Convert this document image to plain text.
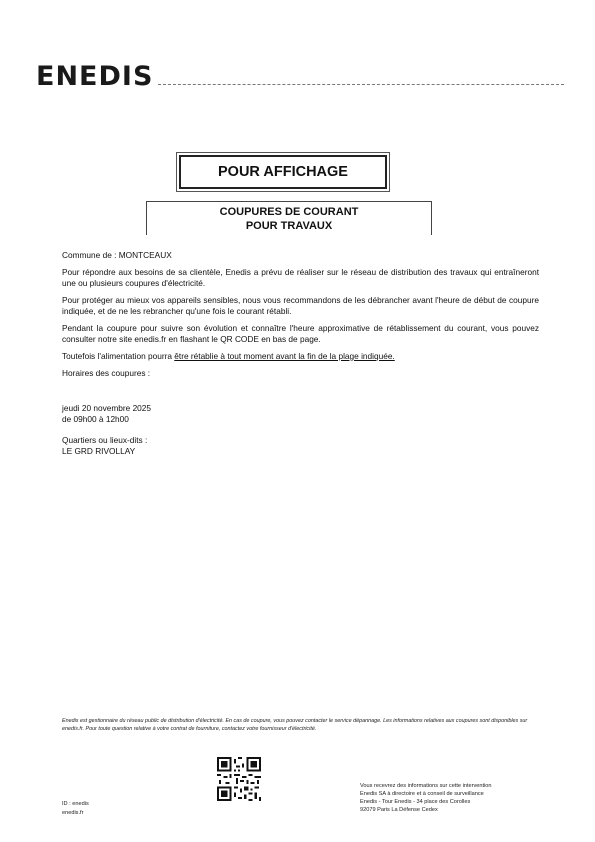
ENEDIS
POUR AFFICHAGE
COUPURES DE COURANT
POUR TRAVAUX

Commune de : MONTCEAUX

Pour répondre aux besoins de sa clientèle, Enedis a prévu de réaliser sur le réseau de distribution des travaux qui entraîneront une ou plusieurs coupures d'électricité.

Pour protéger au mieux vos appareils sensibles, nous vous recommandons de les débrancher avant l'heure de début de coupure indiquée, et de ne les rebrancher qu'une fois le courant rétabli.

Pendant la coupure pour suivre son évolution et connaître l'heure approximative de rétablissement du courant, vous pouvez consulter notre site enedis.fr en flashant le QR CODE en bas de page.

Toutefois l'alimentation pourra être rétablie à tout moment avant la fin de la plage indiquée.

Horaires des coupures :

jeudi 20 novembre 2025
de 09h00 à 12h00
Quartiers ou lieux-dits :
LE GRD RIVOLLAY
Enedis est gestionnaire du réseau public de distribution d'électricité. En cas de coupure, vous pouvez contacter le service dépannage. Les informations relatives aux coupures sont disponibles sur enedis.fr. Pour toute question relative à votre contrat de fourniture, contactez votre fournisseur d'électricité.
ID : enedis
enedis.fr
Vous recevrez des informations sur cette intervention
Enedis SA à directoire et à conseil de surveillance
Enedis - Tour Enedis - 34 place des Corolles
92079 Paris La Défense Cedex
